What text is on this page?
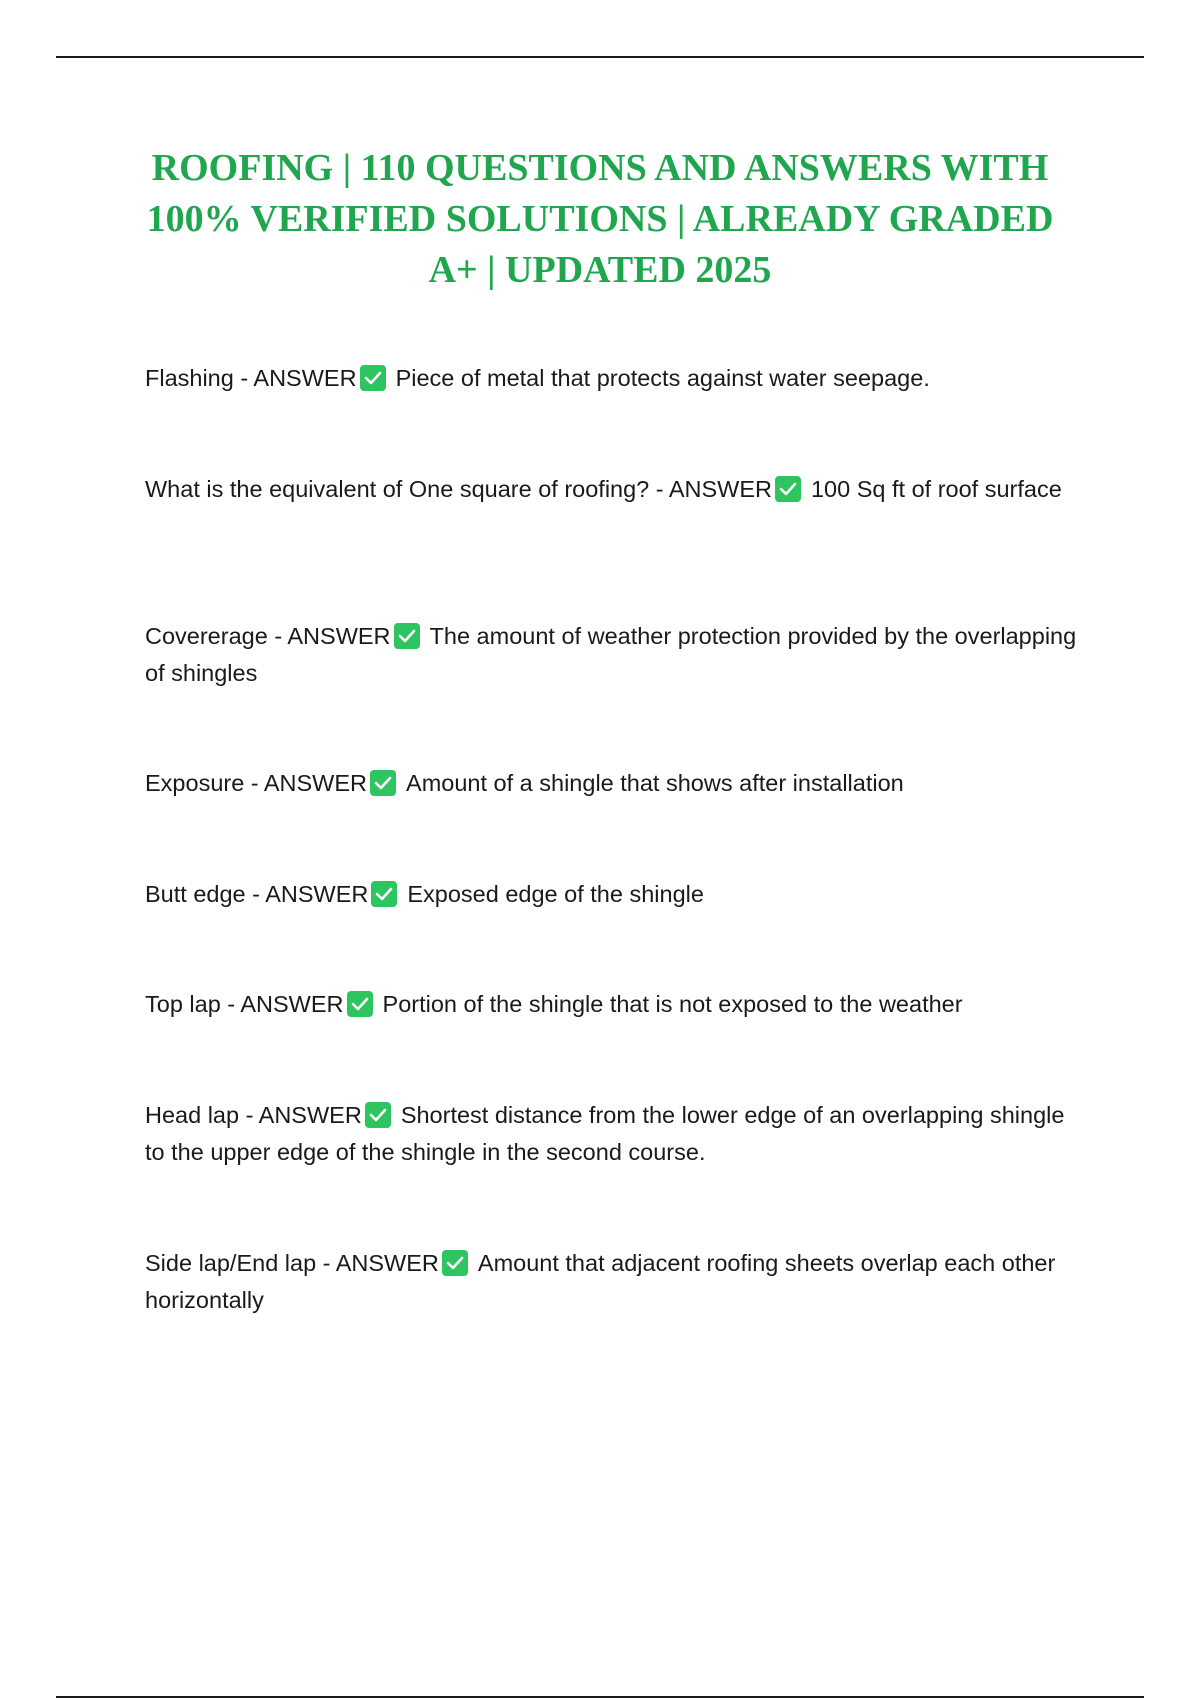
ROOFING | 110 QUESTIONS AND ANSWERS WITH 100% VERIFIED SOLUTIONS | ALREADY GRADED A+ | UPDATED 2025
Flashing - ANSWER Piece of metal that protects against water seepage.
What is the equivalent of One square of roofing? - ANSWER 100 Sq ft of roof surface
Covererage - ANSWER The amount of weather protection provided by the overlapping of shingles
Exposure - ANSWER Amount of a shingle that shows after installation
Butt edge - ANSWER Exposed edge of the shingle
Top lap - ANSWER Portion of the shingle that is not exposed to the weather
Head lap - ANSWER Shortest distance from the lower edge of an overlapping shingle to the upper edge of the shingle in the second course.
Side lap/End lap - ANSWER Amount that adjacent roofing sheets overlap each other horizontally
